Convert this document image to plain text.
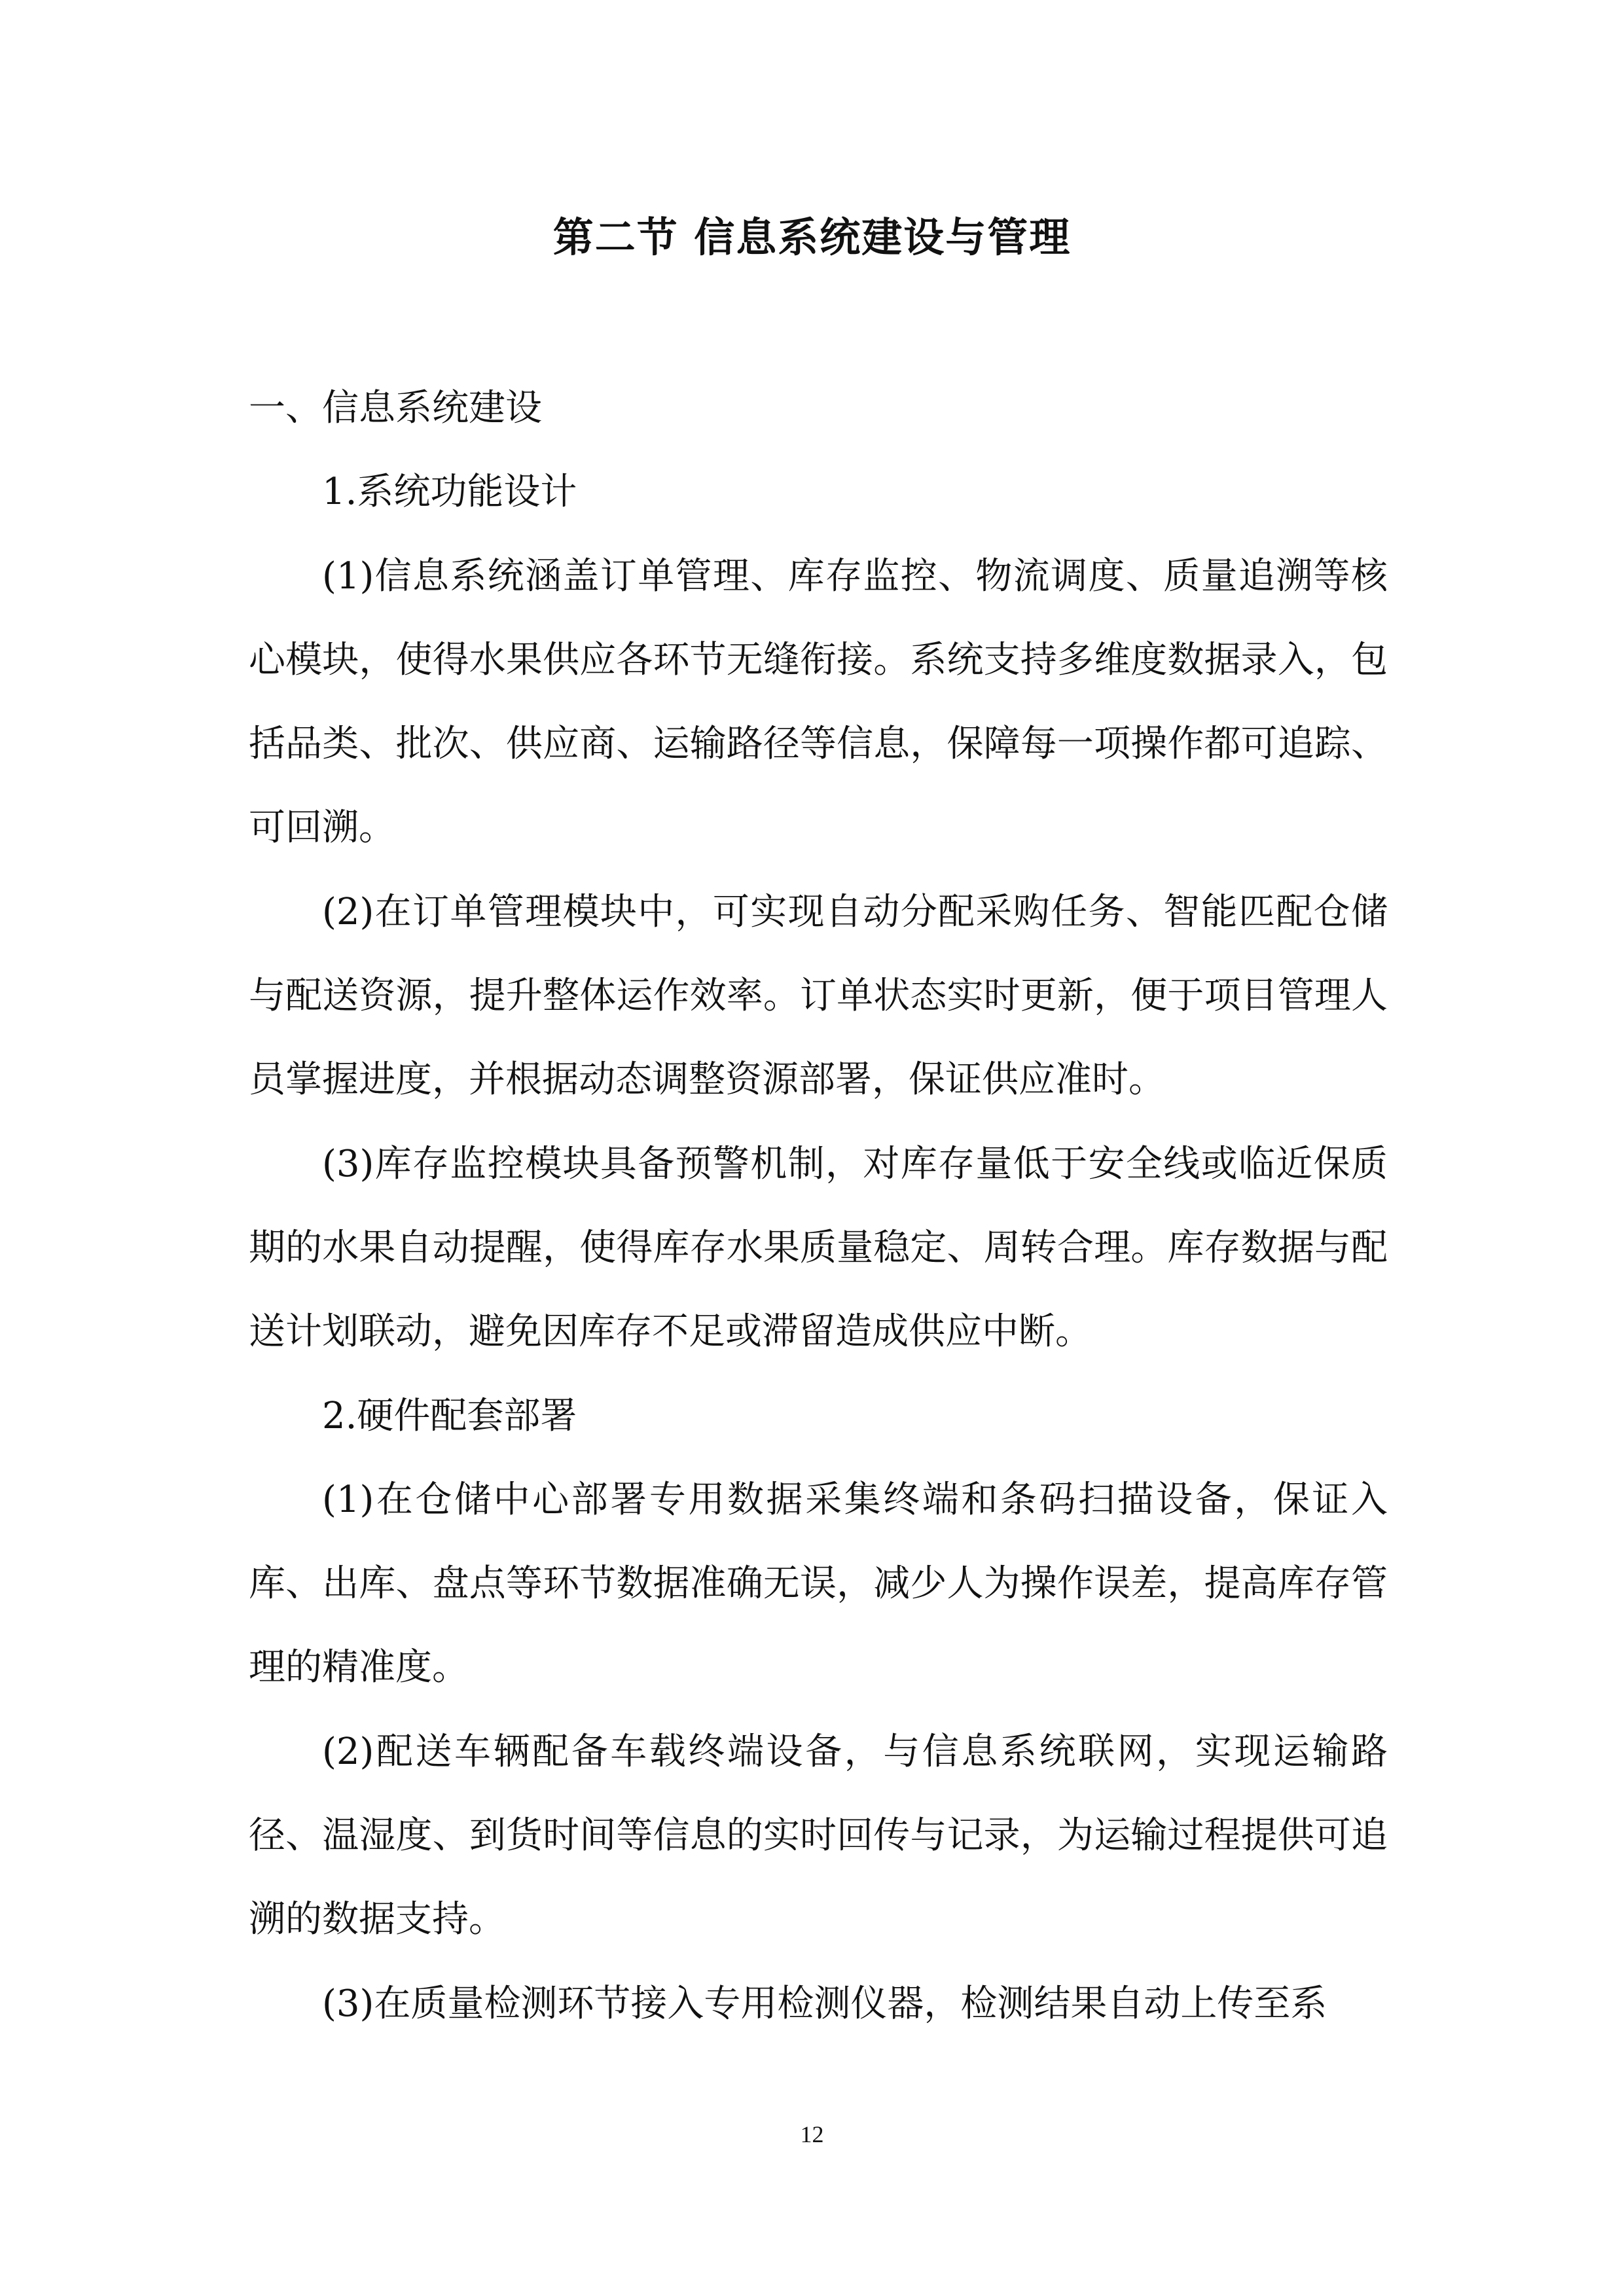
第二节 信息系统建设与管理

一、信息系统建设

1.系统功能设计

(1)信息系统涵盖订单管理、库存监控、物流调度、质量追溯等核心模块，使得水果供应各环节无缝衔接。系统支持多维度数据录入，包括品类、批次、供应商、运输路径等信息，保障每一项操作都可追踪、可回溯。

(2)在订单管理模块中，可实现自动分配采购任务、智能匹配仓储与配送资源，提升整体运作效率。订单状态实时更新，便于项目管理人员掌握进度，并根据动态调整资源部署，保证供应准时。

(3)库存监控模块具备预警机制，对库存量低于安全线或临近保质期的水果自动提醒，使得库存水果质量稳定、周转合理。库存数据与配送计划联动，避免因库存不足或滞留造成供应中断。

2.硬件配套部署

(1)在仓储中心部署专用数据采集终端和条码扫描设备，保证入库、出库、盘点等环节数据准确无误，减少人为操作误差，提高库存管理的精准度。

(2)配送车辆配备车载终端设备，与信息系统联网，实现运输路径、温湿度、到货时间等信息的实时回传与记录，为运输过程提供可追溯的数据支持。

(3)在质量检测环节接入专用检测仪器，检测结果自动上传至系

12
